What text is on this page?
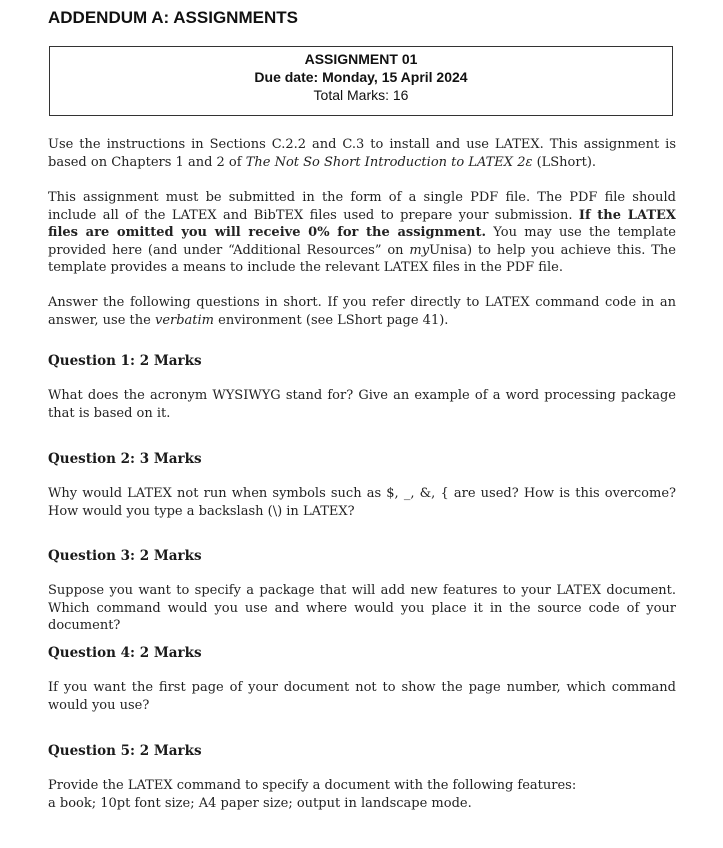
ADDENDUM A: ASSIGNMENTS
ASSIGNMENT 01
Due date: Monday, 15 April 2024
Total Marks: 16

Use the instructions in Sections C.2.2 and C.3 to install and use LATEX. This assignment is based on Chapters 1 and 2 of The Not So Short Introduction to LATEX 2ε (LShort).

This assignment must be submitted in the form of a single PDF file. The PDF file should include all of the LATEX and BibTEX files used to prepare your submission. If the LATEX files are omitted you will receive 0% for the assignment. You may use the template provided here (and under “Additional Resources” on myUnisa) to help you achieve this. The template provides a means to include the relevant LATEX files in the PDF file.

Answer the following questions in short. If you refer directly to LATEX command code in an answer, use the verbatim environment (see LShort page 41).

Question 1: 2 Marks

What does the acronym WYSIWYG stand for? Give an example of a word processing package that is based on it.

Question 2: 3 Marks

Why would LATEX not run when symbols such as $, _, &, { are used? How is this overcome? How would you type a backslash (\) in LATEX?

Question 3: 2 Marks

Suppose you want to specify a package that will add new features to your LATEX document. Which command would you use and where would you place it in the source code of your document?

Question 4: 2 Marks

If you want the first page of your document not to show the page number, which command would you use?

Question 5: 2 Marks

Provide the LATEX command to specify a document with the following features:

a book; 10pt font size; A4 paper size; output in landscape mode.
